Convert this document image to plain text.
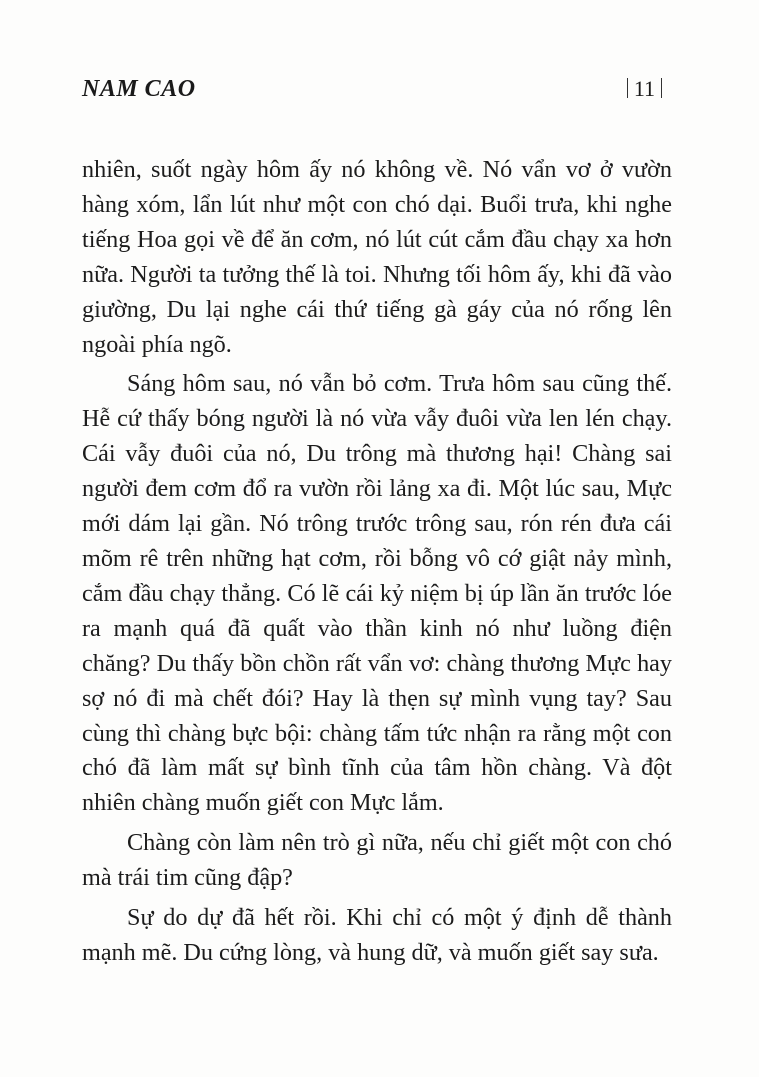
NAM CAO	11

nhiên, suốt ngày hôm ấy nó không về. Nó vẩn vơ ở vườn hàng xóm, lẩn lút như một con chó dại. Buổi trưa, khi nghe tiếng Hoa gọi về để ăn cơm, nó lút cút cắm đầu chạy xa hơn nữa. Người ta tưởng thế là toi. Nhưng tối hôm ấy, khi đã vào giường, Du lại nghe cái thứ tiếng gà gáy của nó rống lên ngoài phía ngõ.

Sáng hôm sau, nó vẫn bỏ cơm. Trưa hôm sau cũng thế. Hễ cứ thấy bóng người là nó vừa vẫy đuôi vừa len lén chạy. Cái vẫy đuôi của nó, Du trông mà thương hại! Chàng sai người đem cơm đổ ra vườn rồi lảng xa đi. Một lúc sau, Mực mới dám lại gần. Nó trông trước trông sau, rón rén đưa cái mõm rê trên những hạt cơm, rồi bỗng vô cớ giật nảy mình, cắm đầu chạy thẳng. Có lẽ cái kỷ niệm bị úp lần ăn trước lóe ra mạnh quá đã quất vào thần kinh nó như luồng điện chăng? Du thấy bồn chồn rất vẩn vơ: chàng thương Mực hay sợ nó đi mà chết đói? Hay là thẹn sự mình vụng tay? Sau cùng thì chàng bực bội: chàng tấm tức nhận ra rằng một con chó đã làm mất sự bình tĩnh của tâm hồn chàng. Và đột nhiên chàng muốn giết con Mực lắm.

Chàng còn làm nên trò gì nữa, nếu chỉ giết một con chó mà trái tim cũng đập?

Sự do dự đã hết rồi. Khi chỉ có một ý định dễ thành mạnh mẽ. Du cứng lòng, và hung dữ, và muốn giết say sưa.
